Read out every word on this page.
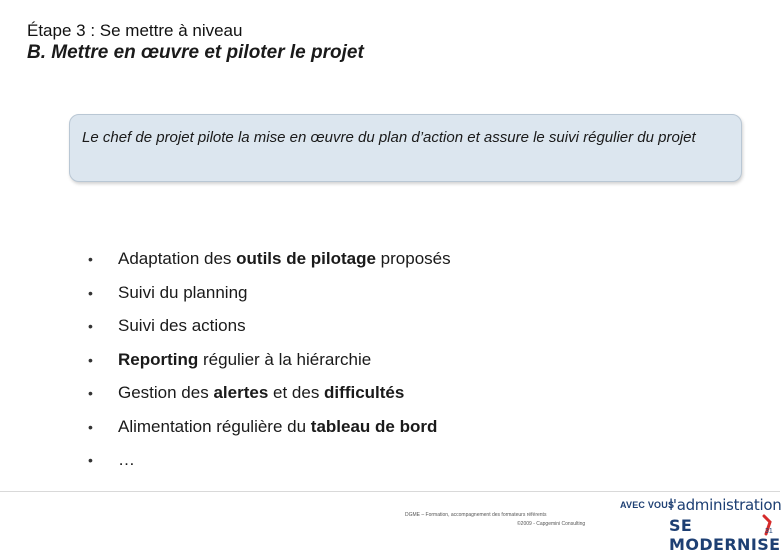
Étape 3 : Se mettre à niveau
B. Mettre en œuvre et piloter le projet
Le chef de projet pilote la mise en œuvre du plan d’action et assure le suivi régulier du projet
•	Adaptation des outils de pilotage proposés
•	Suivi du planning
•	Suivi des actions
•	Reporting régulier à la hiérarchie
•	Gestion des alertes et des difficultés
•	Alimentation régulière du tableau de bord
•	…
DGME – Formation, accompagnement des formateurs référents
©2009 - Capgemini Consulting
AVEC VOUS
l'administration
SE MODERNISE
31
